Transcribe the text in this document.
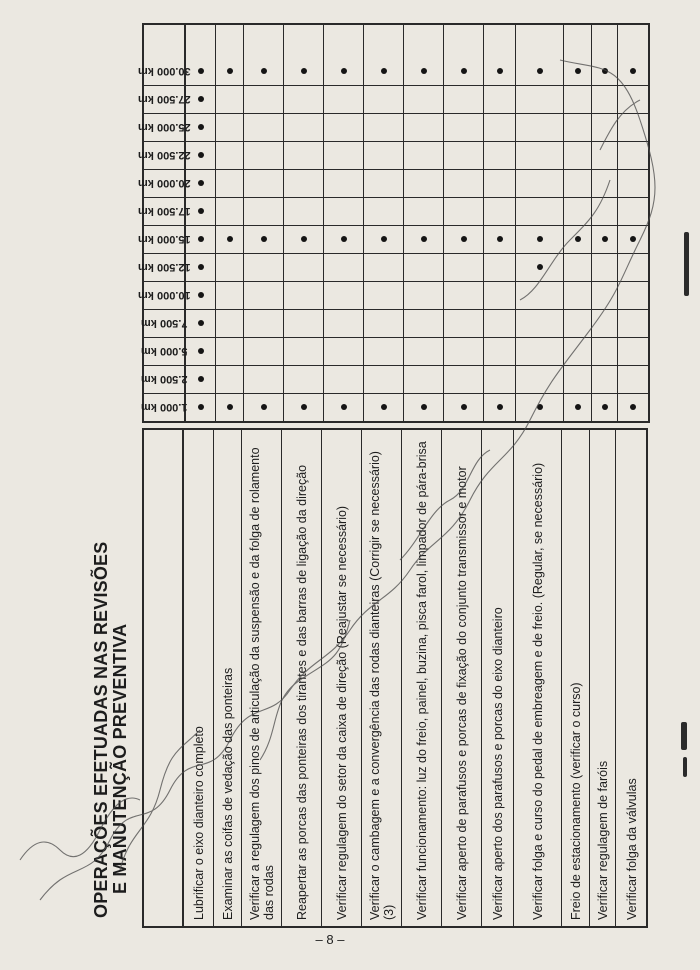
OPERAÇÕES EFETUADAS NAS REVISÕES E MANUTENÇÃO PREVENTIVA	Lubrificar o eixo dianteiro completo Examinar as coifas de vedação das ponteiras Verificar a regulagem dos pinos de articulação da suspensão e da folga de rolamento das rodas Reapertar as porcas das ponteiras dos tirantes e das barras de ligação da direção Verificar regulagem do setor da caixa de direção (Reajustar se necessário) Verificar o cambagem e a convergência das rodas dianteiras (Corrigir se necessário) (3) Verificar funcionamento: luz do freio, painel, buzina, pisca farol, limpador de pára-brisa Verificar aperto de parafusos e porcas de fixação do conjunto transmissor e motor Verificar aperto dos parafusos e porcas do eixo dianteiro Verificar folga e curso do pedal de embreagem e de freio. (Regular, se necessário) Freio de estacionamento (verificar o curso) Verificar regulagem de faróis Verificar folga da válvulas
1.000 km
2.500 km
5.000 km
7.500 km
10.000 km
12.500 km
15.000 km
17.500 km
20.000 km
22.500 km
25.000 km
27.500 km
30.000 km
– 8 –
